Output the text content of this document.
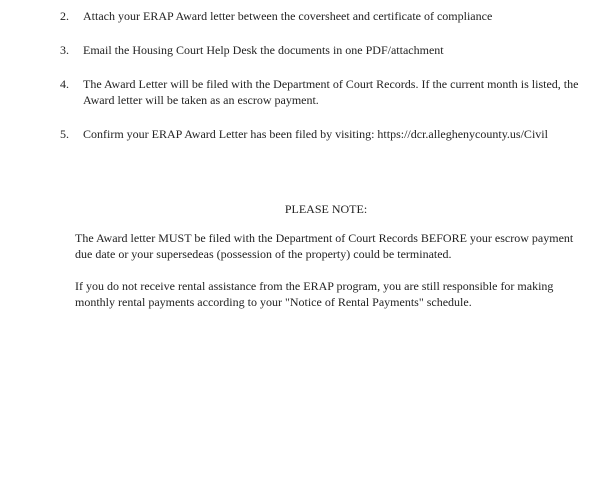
2. Attach your ERAP Award letter between the coversheet and certificate of compliance
3. Email the Housing Court Help Desk the documents in one PDF/attachment
4. The Award Letter will be filed with the Department of Court Records. If the current month is listed, the Award letter will be taken as an escrow payment.
5. Confirm your ERAP Award Letter has been filed by visiting: https://dcr.alleghenycounty.us/Civil
PLEASE NOTE:

The Award letter MUST be filed with the Department of Court Records BEFORE your escrow payment due date or your supersedeas (possession of the property) could be terminated.

If you do not receive rental assistance from the ERAP program, you are still responsible for making monthly rental payments according to your "Notice of Rental Payments" schedule.
